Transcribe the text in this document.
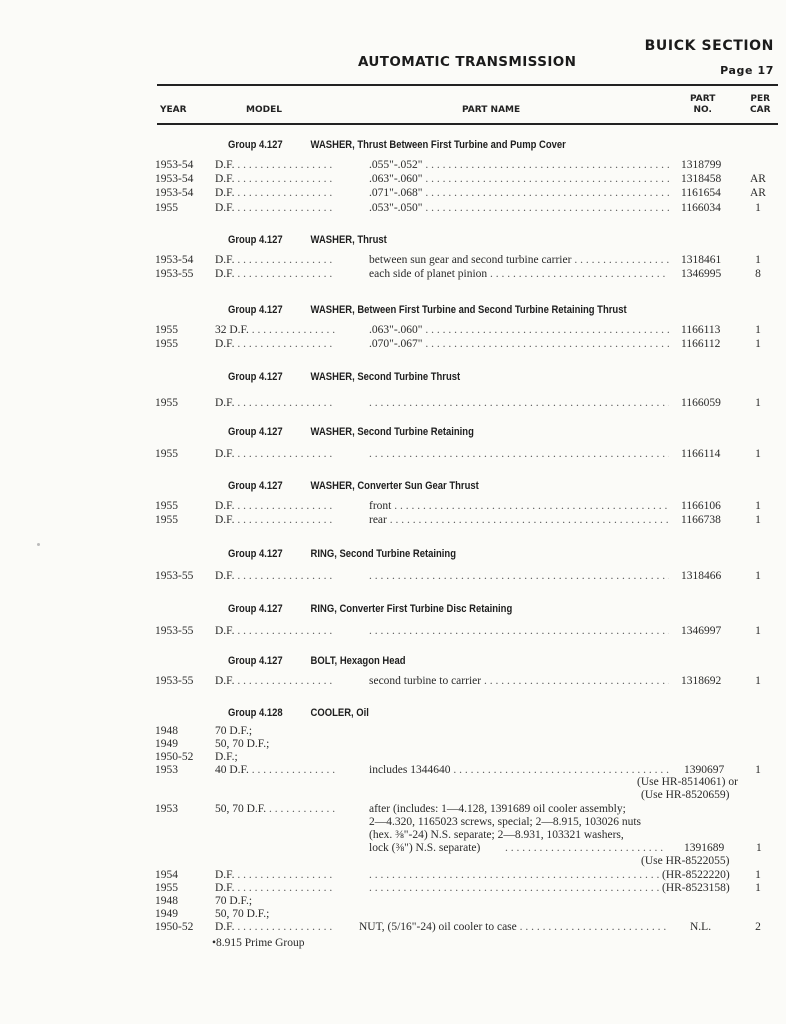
AUTOMATIC TRANSMISSION
BUICK SECTION
Page 17
YEAR	MODEL	PART NAME
PART
NO.
PER
CAR
Group 4.127	WASHER, Thrust Between First Turbine and Pump Cover
1953-54 D.F. . . .	.055"-.052" . . .	1318799
1953-54 D.F. . . .	.063"-.060" . . .	1318458	AR
1953-54 D.F. . . .	.071"-.068" . . .	1161654	AR
1955	D.F. . . .	.053"-.050" . . .	1166034	1
Group 4.127	WASHER, Thrust
1953-54 D.F. . . .	between sun gear and second turbine carrier . . .	1318461	1
1953-55 D.F. . . .	each side of planet pinion . . .	1346995	8
Group 4.127	WASHER, Between First Turbine and Second Turbine Retaining Thrust
1955	32 D.F. . . .	.063"-.060" . . .	1166113	1
1955	D.F. . . .	.070"-.067" . . .	1166112	1
Group 4.127	WASHER, Second Turbine Thrust
1955	D.F. . . . . . .	1166059	1
Group 4.127	WASHER, Second Turbine Retaining
1955	D.F. . . . . . .	1166114	1
Group 4.127	WASHER, Converter Sun Gear Thrust
1955	D.F. . . .	front . . .	1166106	1
1955	D.F. . . .	rear . . .	1166738	1
Group 4.127	RING, Second Turbine Retaining
1953-55 D.F. . . . . . .	1318466	1
Group 4.127	RING, Converter First Turbine Disc Retaining
1953-55 D.F. . . . . . .	1346997	1
Group 4.127	BOLT, Hexagon Head
1953-55 D.F. . . .	second turbine to carrier . . .	1318692	1
Group 4.128	COOLER, Oil
1948	70 D.F.;
1949	50, 70 D.F.;
1950-52 D.F.;
1953	40 D.F. . . .	includes 1344640 . . .	1390697	1
(Use HR-8514061) or
(Use HR-8520659)
1953	50, 70 D.F. . . .	after (includes: 1—4.128, 1391689 oil cooler assembly;
2—4.320, 1165023 screws, special; 2—8.915, 103026 nuts
(hex. ⅜"-24) N.S. separate; 2—8.931, 103321 washers,
lock (⅜") N.S. separate) . . . . . . . . . . . . . . . . . . . . . . . . . . . .	1391689	1
(Use HR-8522055)
1954	D.F. . . . . . .	(HR-8522220)	1
1955	D.F. . . . . . .	(HR-8523158)	1
1948	70 D.F.;
1949	50, 70 D.F.;
1950-52 D.F. . . .	NUT, (5/16"-24) oil cooler to case . . .	N.L.	2
•8.915 Prime Group
